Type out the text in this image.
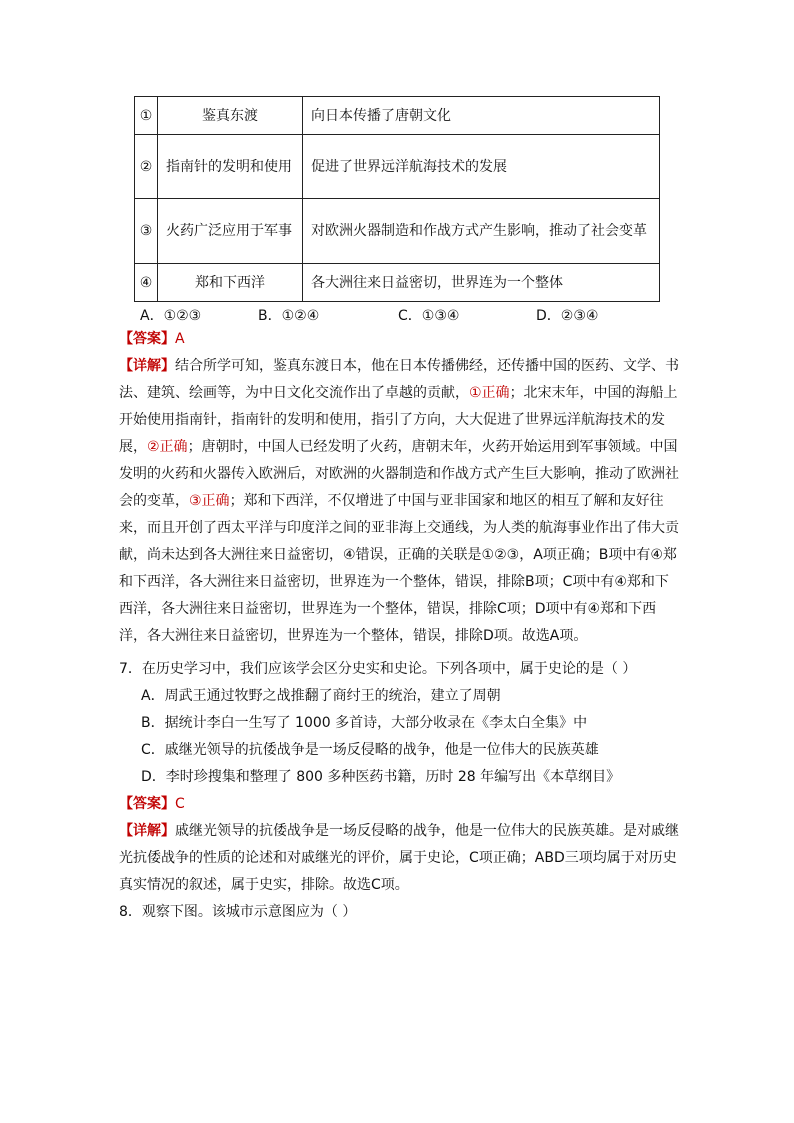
①	鉴真东渡	向日本传播了唐朝文化
②	指南针的发明和使用	促进了世界远洋航海技术的发展
③	火药广泛应用于军事	对欧洲火器制造和作战方式产生影响，推动了社会变革
④	郑和下西洋	各大洲往来日益密切，世界连为一个整体
A．①②③	B．①②④	C．①③④	D．②③④
【答案】A
【详解】结合所学可知，鉴真东渡日本，他在日本传播佛经，还传播中国的医药、文学、书法、建筑、绘画等，为中日文化交流作出了卓越的贡献，①正确；北宋末年，中国的海船上开始使用指南针，指南针的发明和使用，指引了方向，大大促进了世界远洋航海技术的发展，②正确；唐朝时，中国人已经发明了火药，唐朝末年，火药开始运用到军事领域。中国发明的火药和火器传入欧洲后，对欧洲的火器制造和作战方式产生巨大影响，推动了欧洲社会的变革，③正确；郑和下西洋，不仅增进了中国与亚非国家和地区的相互了解和友好往来，而且开创了西太平洋与印度洋之间的亚非海上交通线，为人类的航海事业作出了伟大贡献，尚未达到各大洲往来日益密切，④错误，正确的关联是①②③，A项正确；B项中有④郑和下西洋，各大洲往来日益密切，世界连为一个整体，错误，排除B项；C项中有④郑和下西洋，各大洲往来日益密切，世界连为一个整体，错误，排除C项；D项中有④郑和下西洋，各大洲往来日益密切，世界连为一个整体，错误，排除D项。故选A项。
7．在历史学习中，我们应该学会区分史实和史论。下列各项中，属于史论的是（ ）
A．周武王通过牧野之战推翻了商纣王的统治，建立了周朝
B．据统计李白一生写了 1000 多首诗，大部分收录在《李太白全集》中
C．戚继光领导的抗倭战争是一场反侵略的战争，他是一位伟大的民族英雄
D．李时珍搜集和整理了 800 多种医药书籍，历时 28 年编写出《本草纲目》
【答案】C
【详解】戚继光领导的抗倭战争是一场反侵略的战争，他是一位伟大的民族英雄。是对戚继光抗倭战争的性质的论述和对戚继光的评价，属于史论，C项正确；ABD三项均属于对历史真实情况的叙述，属于史实，排除。故选C项。
8．观察下图。该城市示意图应为（ ）
